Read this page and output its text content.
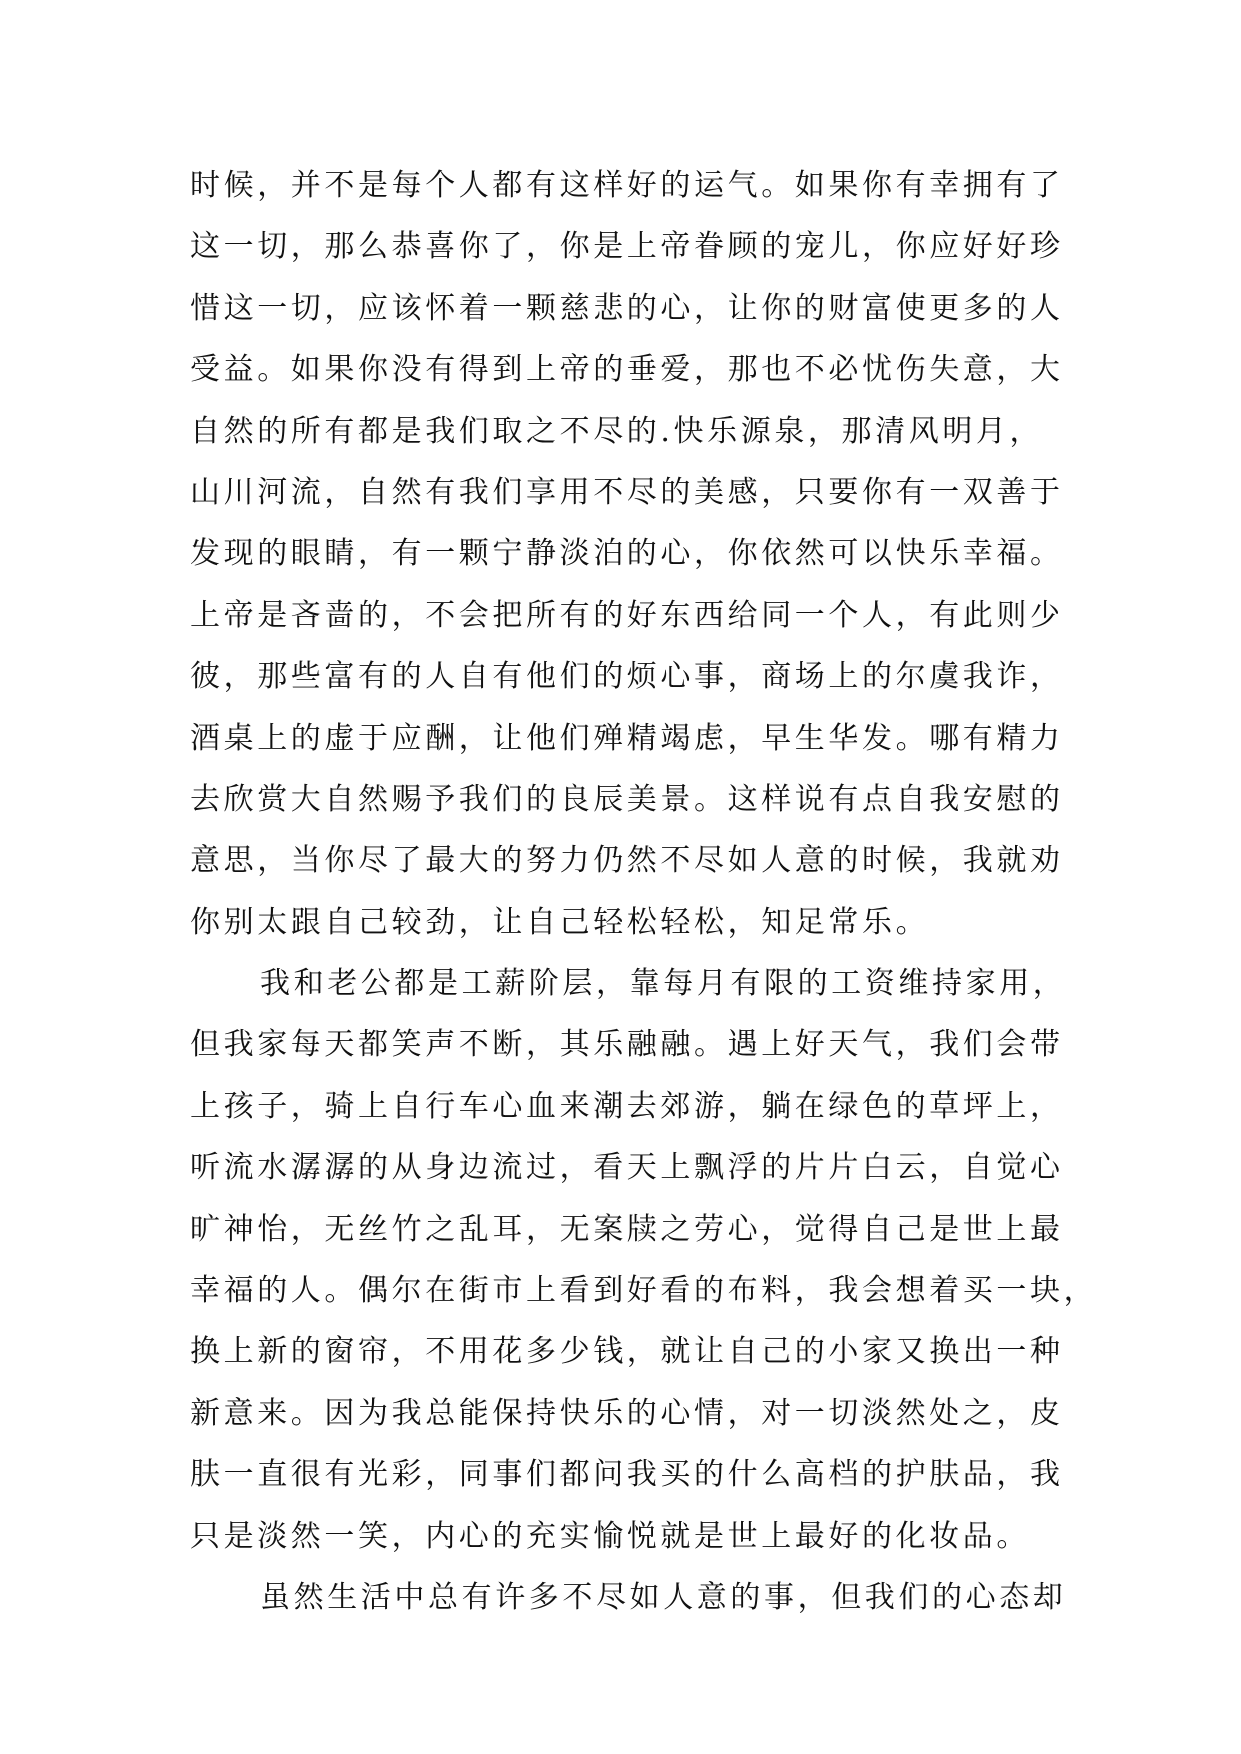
时候，并不是每个人都有这样好的运气。如果你有幸拥有了
这一切，那么恭喜你了，你是上帝眷顾的宠儿，你应好好珍
惜这一切，应该怀着一颗慈悲的心，让你的财富使更多的人
受益。如果你没有得到上帝的垂爱，那也不必忧伤失意，大
自然的所有都是我们取之不尽的.快乐源泉，那清风明月，
山川河流，自然有我们享用不尽的美感，只要你有一双善于
发现的眼睛，有一颗宁静淡泊的心，你依然可以快乐幸福。
上帝是吝啬的，不会把所有的好东西给同一个人，有此则少
彼，那些富有的人自有他们的烦心事，商场上的尔虞我诈，
酒桌上的虚于应酬，让他们殚精竭虑，早生华发。哪有精力
去欣赏大自然赐予我们的良辰美景。这样说有点自我安慰的
意思，当你尽了最大的努力仍然不尽如人意的时候，我就劝
你别太跟自己较劲，让自己轻松轻松，知足常乐。
我和老公都是工薪阶层，靠每月有限的工资维持家用，
但我家每天都笑声不断，其乐融融。遇上好天气，我们会带
上孩子，骑上自行车心血来潮去郊游，躺在绿色的草坪上，
听流水潺潺的从身边流过，看天上飘浮的片片白云，自觉心
旷神怡，无丝竹之乱耳，无案牍之劳心，觉得自己是世上最
幸福的人。偶尔在街市上看到好看的布料，我会想着买一块，
换上新的窗帘，不用花多少钱，就让自己的小家又换出一种
新意来。因为我总能保持快乐的心情，对一切淡然处之，皮
肤一直很有光彩，同事们都问我买的什么高档的护肤品，我
只是淡然一笑，内心的充实愉悦就是世上最好的化妆品。
虽然生活中总有许多不尽如人意的事，但我们的心态却
